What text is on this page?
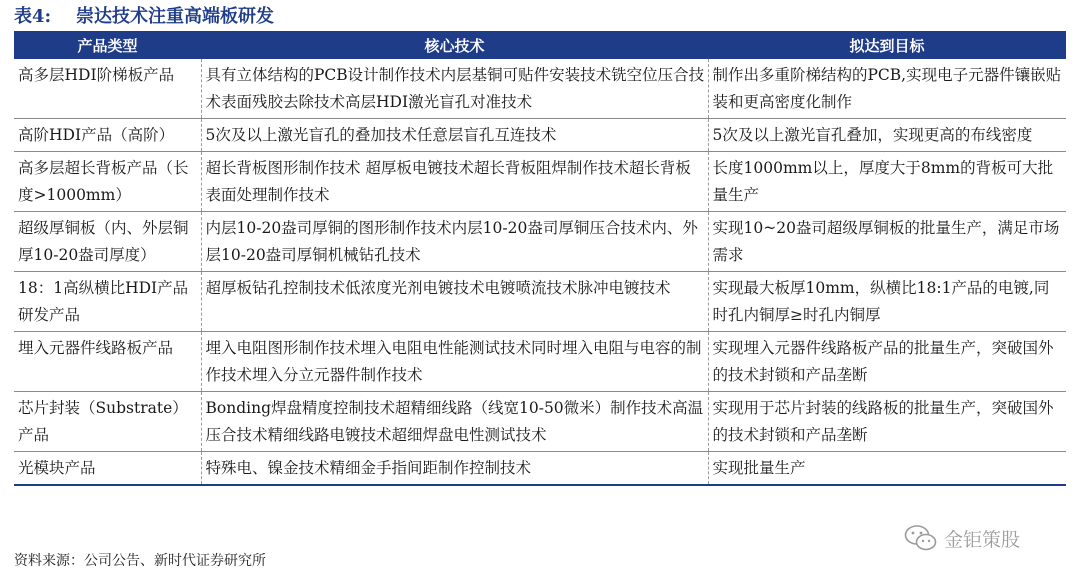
表4: 崇达技术注重高端板研发
产品类型	核心技术	拟达到目标
高多层HDI阶梯板产品	具有立体结构的PCB设计制作技术内层基铜可贴件安装技术铣空位压合技术表面残胶去除技术高层HDI激光盲孔对准技术	制作出多重阶梯结构的PCB,实现电子元器件镶嵌贴装和更高密度化制作
高阶HDI产品（高阶）	5次及以上激光盲孔的叠加技术任意层盲孔互连技术	5次及以上激光盲孔叠加，实现更高的布线密度
高多层超长背板产品（长度>1000mm）	超长背板图形制作技术 超厚板电镀技术超长背板阻焊制作技术超长背板表面处理制作技术	长度1000mm以上，厚度大于8mm的背板可大批量生产
超级厚铜板（内、外层铜厚10-20盎司厚度）	内层10-20盎司厚铜的图形制作技术内层10-20盎司厚铜压合技术内、外层10-20盎司厚铜机械钻孔技术	实现10~20盎司超级厚铜板的批量生产，满足市场需求
18：1高纵横比HDI产品研发产品	超厚板钻孔控制技术低浓度光剂电镀技术电镀喷流技术脉冲电镀技术	实现最大板厚10mm，纵横比18:1产品的电镀,同时孔内铜厚≥时孔内铜厚
埋入元器件线路板产品	埋入电阻图形制作技术埋入电阻电性能测试技术同时埋入电阻与电容的制作技术埋入分立元器件制作技术	实现埋入元器件线路板产品的批量生产，突破国外的技术封锁和产品垄断
芯片封装（Substrate）产品	Bonding焊盘精度控制技术超精细线路（线宽10-50微米）制作技术高温压合技术精细线路电镀技术超细焊盘电性测试技术	实现用于芯片封装的线路板的批量生产，突破国外的技术封锁和产品垄断
光模块产品	特殊电、镍金技术精细金手指间距制作控制技术	实现批量生产
资料来源：公司公告、新时代证券研究所
金钜策股
